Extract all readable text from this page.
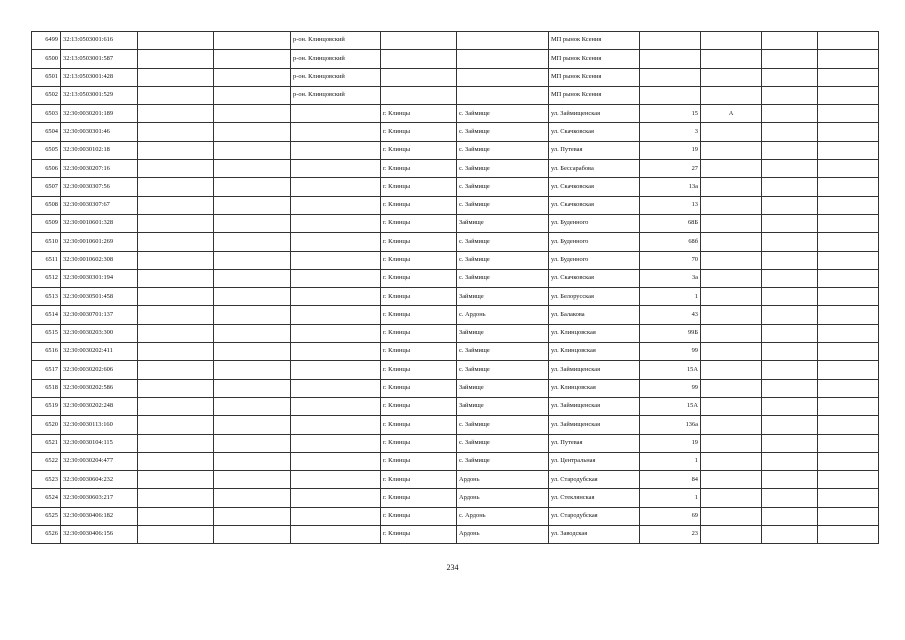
6499	32:13:0503001:616			р-он. Клинцовский			МП рынок Ксения				
6500	32:13:0503001:587			р-он. Клинцовский			МП рынок Ксения				
6501	32:13:0503001:428			р-он. Клинцовский			МП рынок Ксения				
6502	32:13:0503001:529			р-он. Клинцовский			МП рынок Ксения				
6503	32:30:0030201:189				г. Клинцы	с. Займище	ул. Займищенская	15	А		
6504	32:30:0030301:46				г. Клинцы	с. Займище	ул. Скачковская	3			
6505	32:30:0030102:18				г. Клинцы	с. Займище	ул. Путевая	19			
6506	32:30:0030207:16				г. Клинцы	с. Займище	ул. Бессарабова	27			
6507	32:30:0030307:56				г. Клинцы	с. Займище	ул. Скачковская	13а			
6508	32:30:0030307:67				г. Клинцы	с. Займище	ул. Скачковская	13			
6509	32:30:0010601:328				г. Клинцы	Займище	ул. Буденного	68Б			
6510	32:30:0010601:269				г. Клинцы	с. Займище	ул. Буденного	68б			
6511	32:30:0010602:308				г. Клинцы	с. Займище	ул. Буденного	70			
6512	32:30:0030301:194				г. Клинцы	с. Займище	ул. Скачковская	3а			
6513	32:30:0030501:458				г. Клинцы	Займище	ул. Белорусская	1			
6514	32:30:0030701:137				г. Клинцы	с. Ардонь	ул. Балакова	43			
6515	32:30:0030203:300				г. Клинцы	Займище	ул. Клинцовская	99Б			
6516	32:30:0030202:411				г. Клинцы	с. Займище	ул. Клинцовская	99			
6517	32:30:0030202:606				г. Клинцы	с. Займище	ул. Займищенская	15А			
6518	32:30:0030202:586				г. Клинцы	Займище	ул. Клинцовская	99			
6519	32:30:0030202:248				г. Клинцы	Займище	ул. Займищенская	15А			
6520	32:30:0030113:160				г. Клинцы	с. Займище	ул. Займищенская	136а			
6521	32:30:0030104:115				г. Клинцы	с. Займище	ул. Путевая	19			
6522	32:30:0030204:477				г. Клинцы	с. Займище	ул. Центральная	1			
6523	32:30:0030604:232				г. Клинцы	Ардонь	ул. Стародубская	84			
6524	32:30:0030603:217				г. Клинцы	Ардонь	ул. Стеклянская	1			
6525	32:30:0030406:182				г. Клинцы	с. Ардонь	ул. Стародубская	69			
6526	32:30:0030406:156				г. Клинцы	Ардонь	ул. Заводская	23			
234
